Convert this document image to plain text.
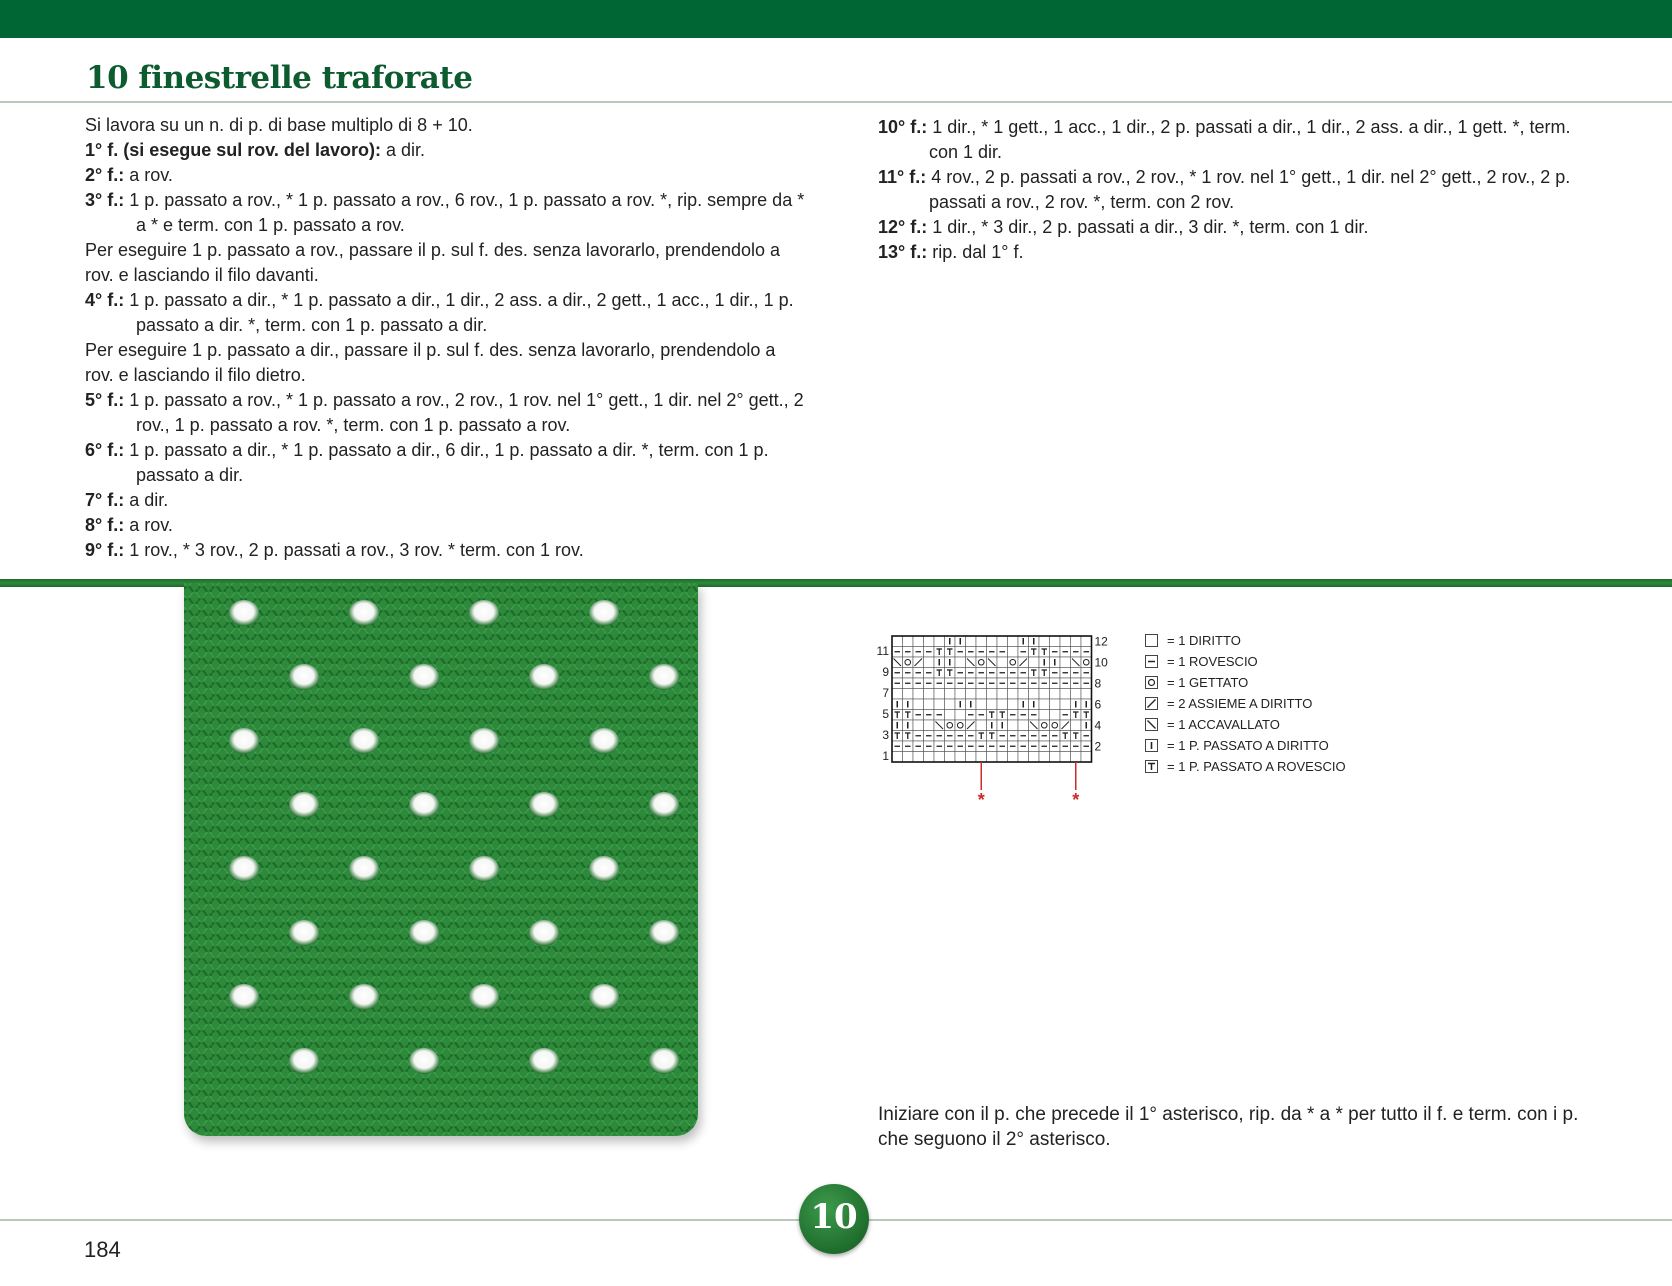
10 finestrelle traforate
Si lavora su un n. di p. di base multiplo di 8 + 10.
1° f. (si esegue sul rov. del lavoro): a dir.
2° f.: a rov.
3° f.: 1 p. passato a rov., * 1 p. passato a rov., 6 rov., 1 p. passato a rov. *, rip. sempre da * a * e term. con 1 p. passato a rov.
Per eseguire 1 p. passato a rov., passare il p. sul f. des. senza lavorarlo, prendendolo a rov. e lasciando il filo davanti.
4° f.: 1 p. passato a dir., * 1 p. passato a dir., 1 dir., 2 ass. a dir., 2 gett., 1 acc., 1 dir., 1 p. passato a dir. *, term. con 1 p. passato a dir.
Per eseguire 1 p. passato a dir., passare il p. sul f. des. senza lavorarlo, prendendolo a rov. e lasciando il filo dietro.
5° f.: 1 p. passato a rov., * 1 p. passato a rov., 2 rov., 1 rov. nel 1° gett., 1 dir. nel 2° gett., 2 rov., 1 p. passato a rov. *, term. con 1 p. passato a rov.
6° f.: 1 p. passato a dir., * 1 p. passato a dir., 6 dir., 1 p. passato a dir. *, term. con 1 p. passato a dir.
7° f.: a dir.
8° f.: a rov.
9° f.: 1 rov., * 3 rov., 2 p. passati a rov., 3 rov. * term. con 1 rov.
10° f.: 1 dir., * 1 gett., 1 acc., 1 dir., 2 p. passati a dir., 1 dir., 2 ass. a dir., 1 gett. *, term. con 1 dir.
11° f.: 4 rov., 2 p. passati a rov., 2 rov., * 1 rov. nel 1° gett., 1 dir. nel 2° gett., 2 rov., 2 p. passati a rov., 2 rov. *, term. con 2 rov.
12° f.: 1 dir., * 3 dir., 2 p. passati a dir., 3 dir. *, term. con 1 dir.
13° f.: rip. dal 1° f.
11
9
7
5
3
1
12
10
8
6
4
2
*	*
= 1 DIRITTO
= 1 ROVESCIO
= 1 GETTATO
= 2 ASSIEME A DIRITTO
= 1 ACCAVALLATO
= 1 P. PASSATO A DIRITTO
= 1 P. PASSATO A ROVESCIO

Iniziare con il p. che precede il 1° asterisco, rip. da * a * per tutto il f. e term. con i p. che seguono il 2° asterisco.

10
184
